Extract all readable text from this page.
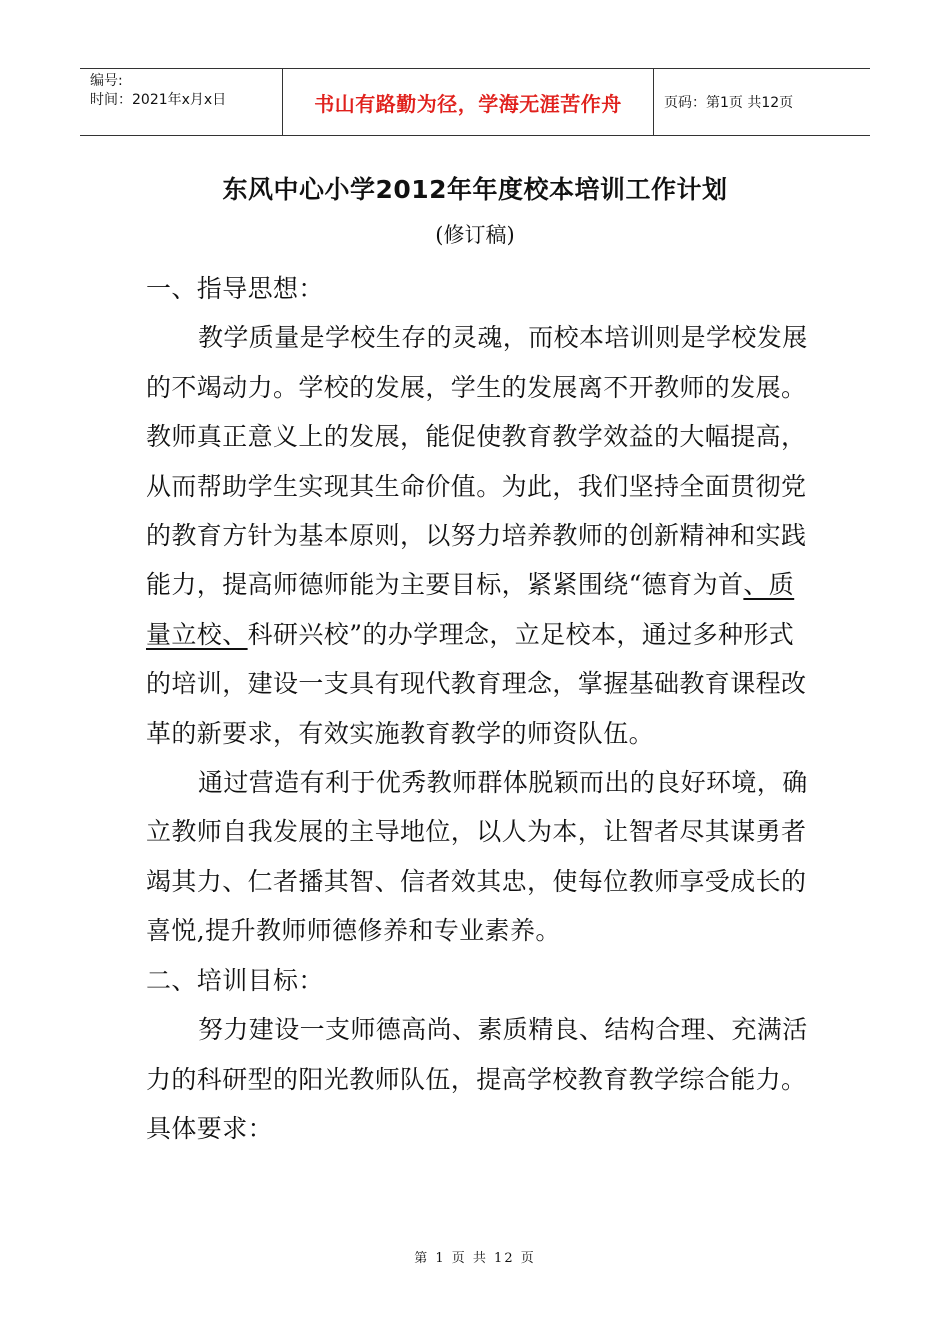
编号:
时间：2021年x月x日	书山有路勤为径，学海无涯苦作舟	页码：第1页 共12页
东风中心小学2012年年度校本培训工作计划
(修订稿)

一、指导思想：

教学质量是学校生存的灵魂，而校本培训则是学校发展的不竭动力。学校的发展，学生的发展离不开教师的发展。教师真正意义上的发展，能促使教育教学效益的大幅提高，从而帮助学生实现其生命价值。为此，我们坚持全面贯彻党的教育方针为基本原则，以努力培养教师的创新精神和实践能力，提高师德师能为主要目标，紧紧围绕“德育为首、质量立校、科研兴校”的办学理念，立足校本，通过多种形式的培训，建设一支具有现代教育理念，掌握基础教育课程改革的新要求，有效实施教育教学的师资队伍。

通过营造有利于优秀教师群体脱颖而出的良好环境，确立教师自我发展的主导地位，以人为本，让智者尽其谋勇者竭其力、仁者播其智、信者效其忠，使每位教师享受成长的喜悦,提升教师师德修养和专业素养。

二、培训目标：

努力建设一支师德高尚、素质精良、结构合理、充满活力的科研型的阳光教师队伍，提高学校教育教学综合能力。具体要求：

第 1 页 共 12 页
